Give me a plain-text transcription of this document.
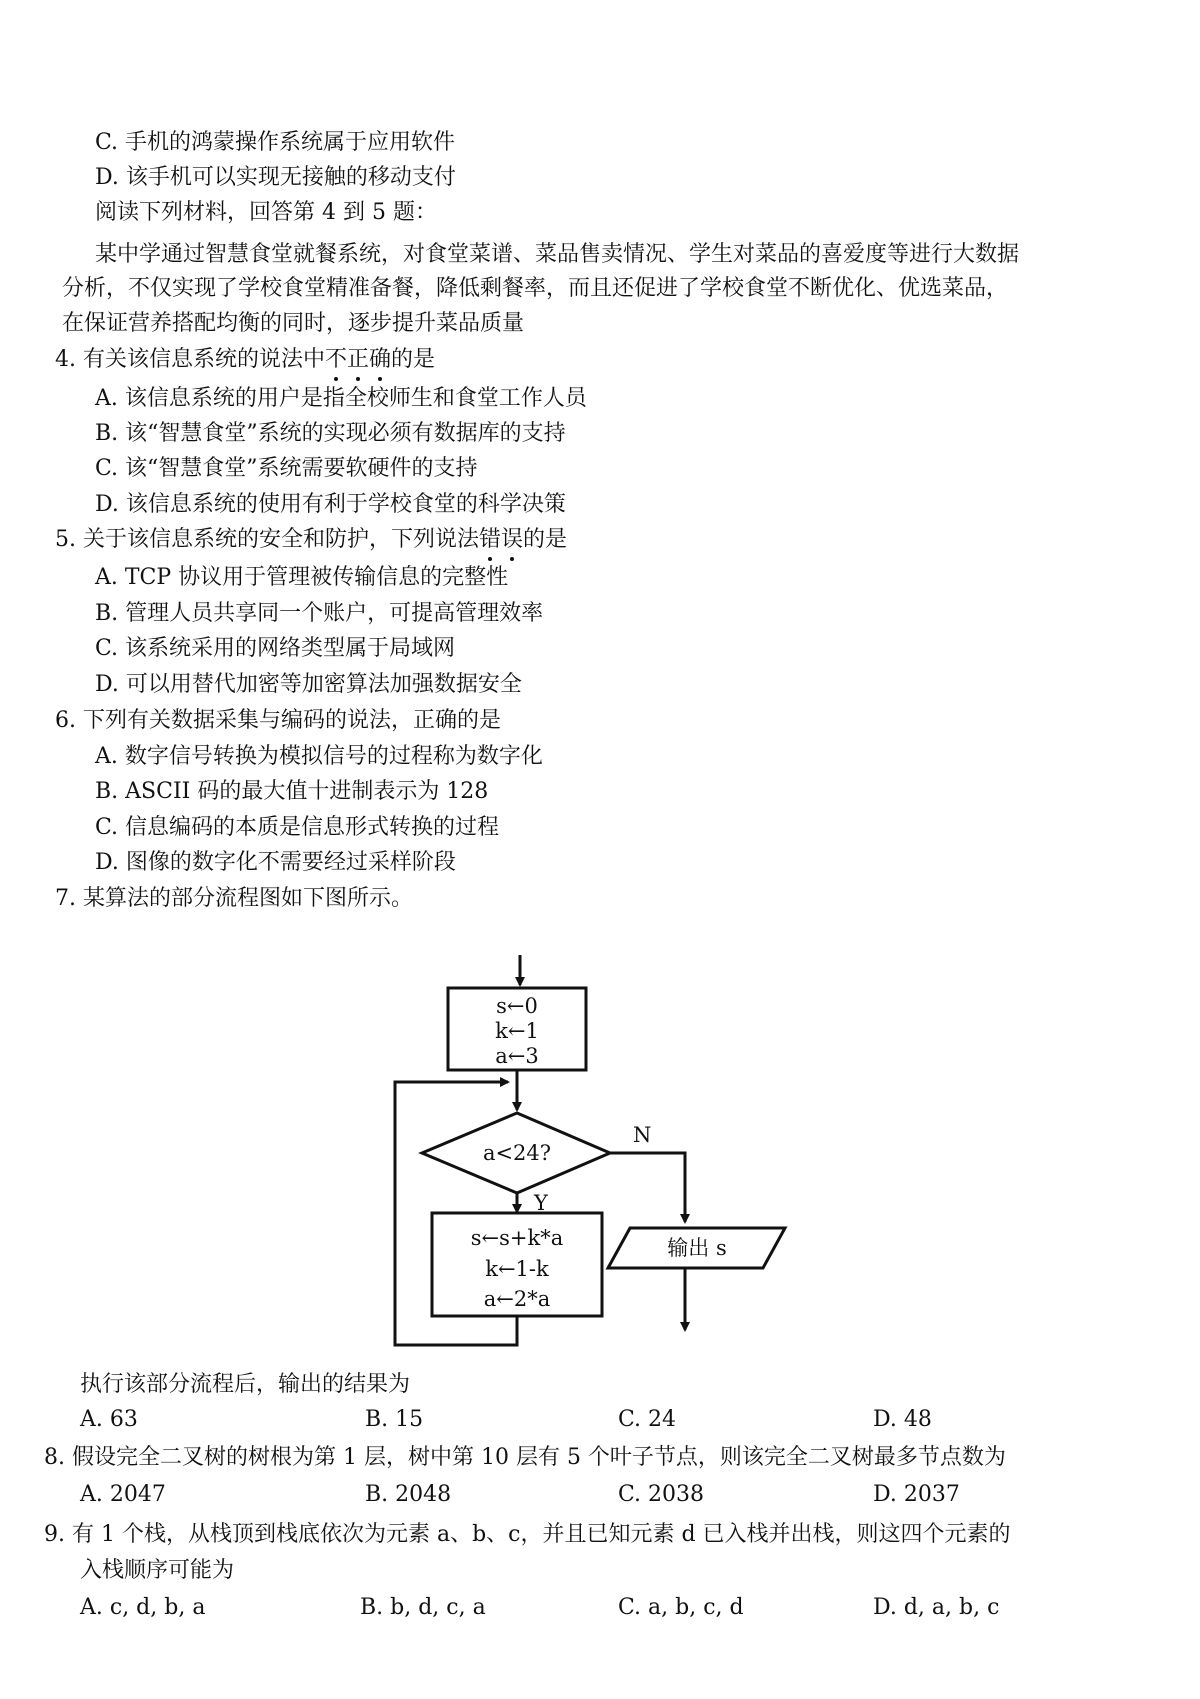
C. 手机的鸿蒙操作系统属于应用软件
D. 该手机可以实现无接触的移动支付
阅读下列材料，回答第 4 到 5 题：
某中学通过智慧食堂就餐系统，对食堂菜谱、菜品售卖情况、学生对菜品的喜爱度等进行大数据
分析，不仅实现了学校食堂精准备餐，降低剩餐率，而且还促进了学校食堂不断优化、优选菜品，
在保证营养搭配均衡的同时，逐步提升菜品质量
4. 有关该信息系统的说法中不正确的是
A. 该信息系统的用户是指全校师生和食堂工作人员
B. 该“智慧食堂”系统的实现必须有数据库的支持
C. 该“智慧食堂”系统需要软硬件的支持
D. 该信息系统的使用有利于学校食堂的科学决策
5. 关于该信息系统的安全和防护，下列说法错误的是
A. TCP 协议用于管理被传输信息的完整性
B. 管理人员共享同一个账户，可提高管理效率
C. 该系统采用的网络类型属于局域网
D. 可以用替代加密等加密算法加强数据安全
6. 下列有关数据采集与编码的说法，正确的是
A. 数字信号转换为模拟信号的过程称为数字化
B. ASCII 码的最大值十进制表示为 128
C. 信息编码的本质是信息形式转换的过程
D. 图像的数字化不需要经过采样阶段
7. 某算法的部分流程图如下图所示。
s←0
k←1
a←3
a<24?
Y
N
s←s+k*a
k←1-k
a←2*a
输出 s
执行该部分流程后，输出的结果为
A. 63	B. 15	C. 24	D. 48
8. 假设完全二叉树的树根为第 1 层，树中第 10 层有 5 个叶子节点，则该完全二叉树最多节点数为
A. 2047	B. 2048	C. 2038	D. 2037
9. 有 1 个栈，从栈顶到栈底依次为元素 a、b、c，并且已知元素 d 已入栈并出栈，则这四个元素的
入栈顺序可能为
A. c, d, b, a	B. b, d, c, a	C. a, b, c, d	D. d, a, b, c
